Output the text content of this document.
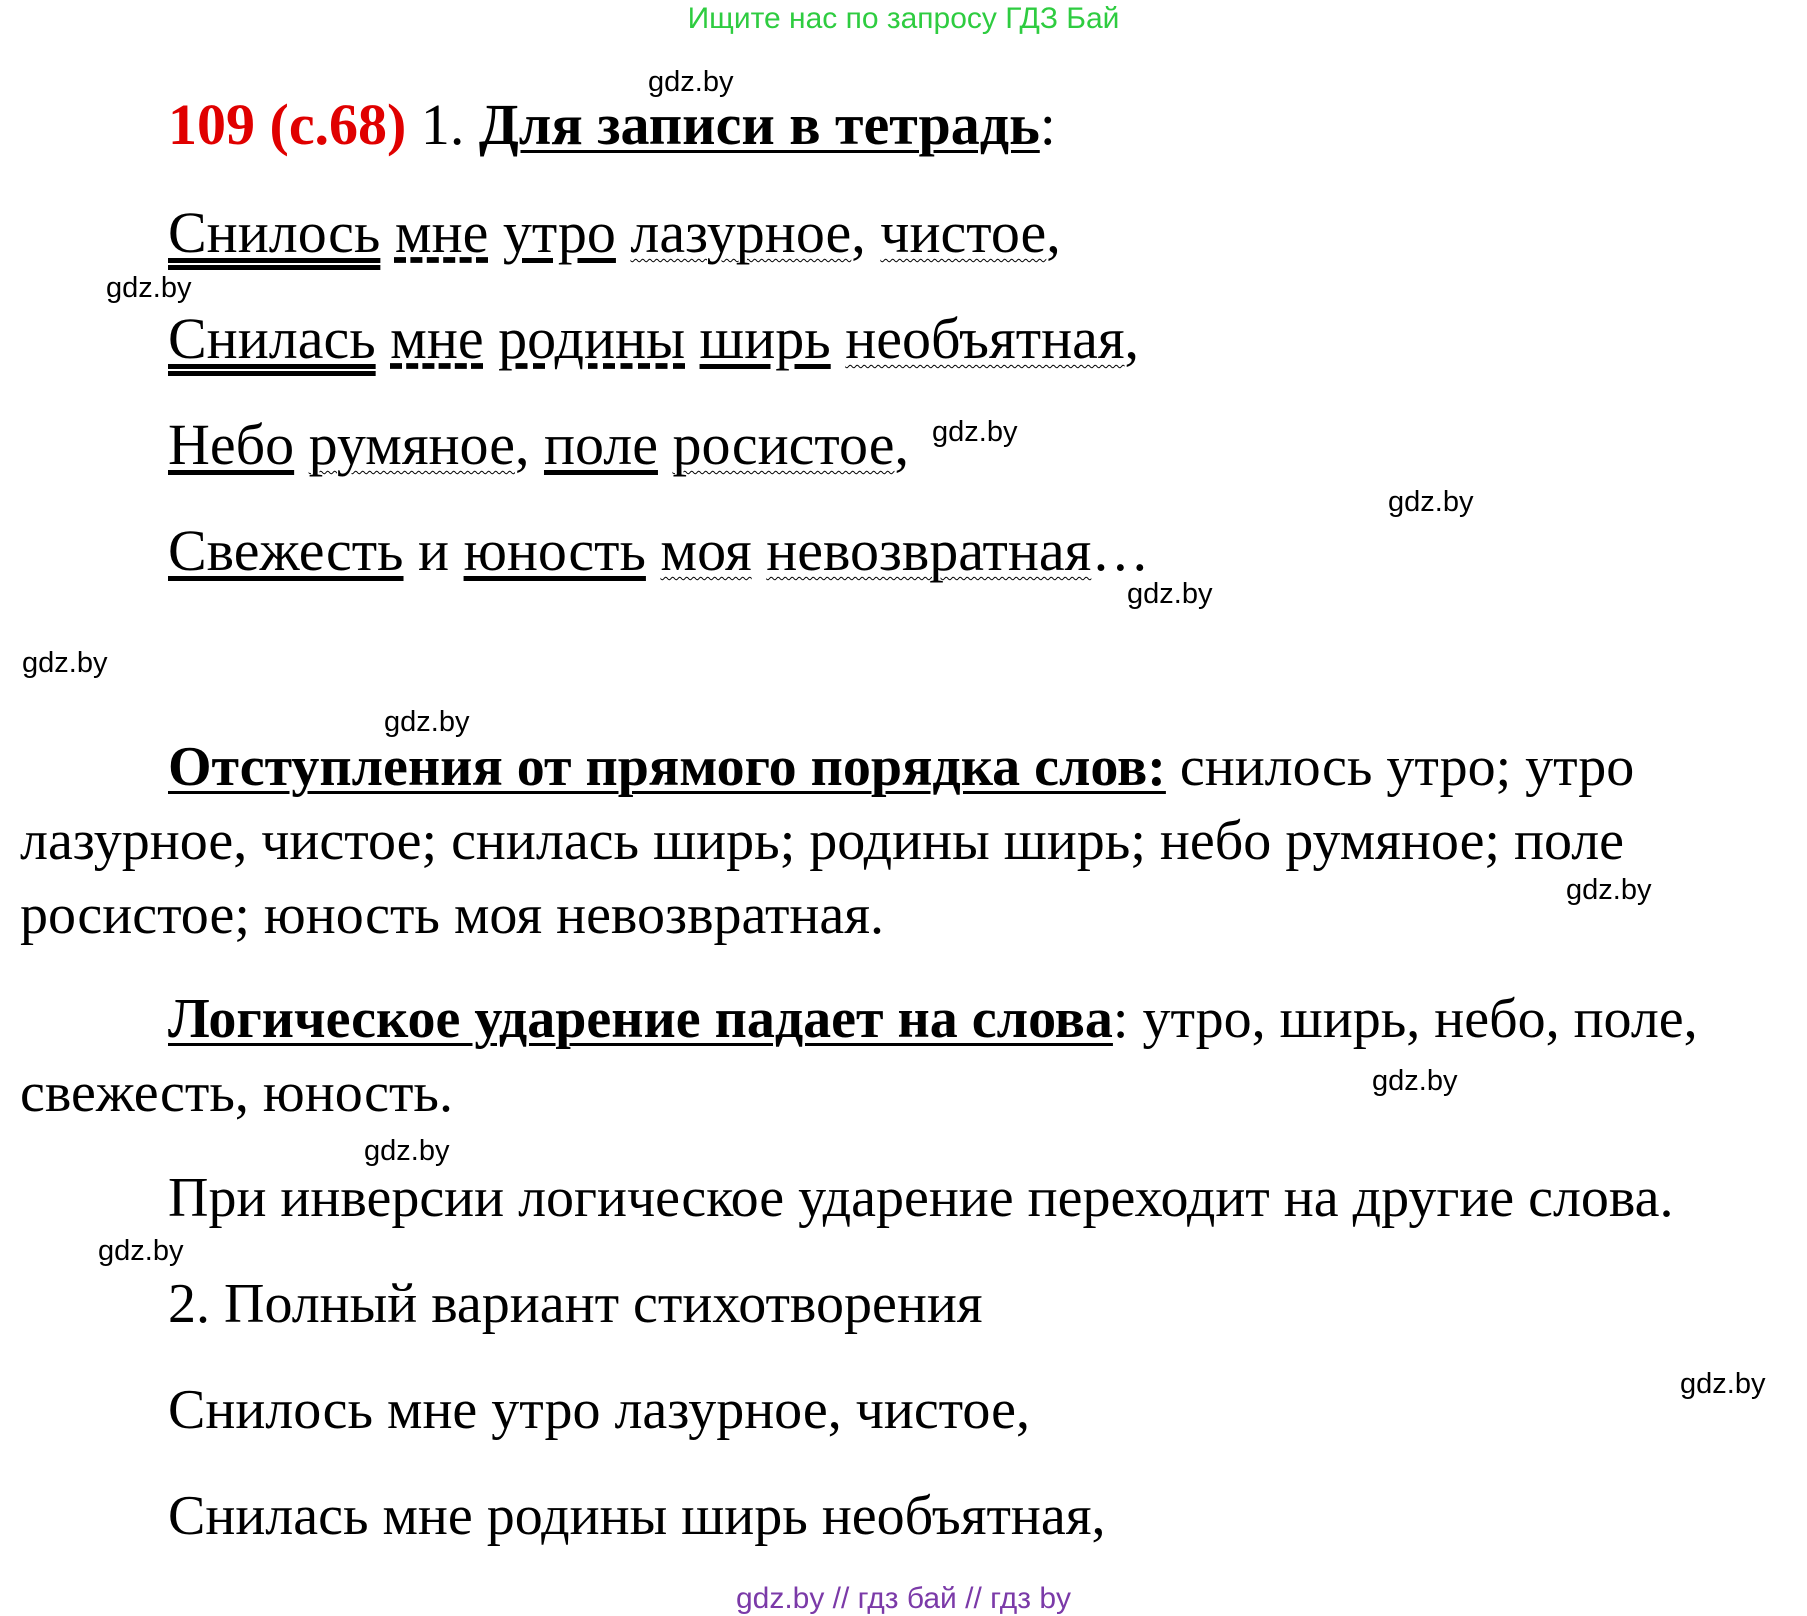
Ищите нас по запросу ГДЗ Бай
gdz.by
gdz.by
gdz.by
gdz.by
gdz.by
gdz.by
gdz.by
gdz.by
gdz.by
gdz.by
gdz.by
gdz.by
109 (с.68) 1. Для записи в тетрадь:
Снилось мне утро лазурное, чистое,
Снилась мне родины ширь необъятная,
Небо румяное, поле росистое,
Свежесть и юность моя невозвратная…
Отступления от прямого порядка слов: снилось утро; утро лазурное, чистое; снилась ширь; родины ширь; небо румяное; поле росистое; юность моя невозвратная.
Логическое ударение падает на слова: утро, ширь, небо, поле, свежесть, юность.
При инверсии логическое ударение переходит на другие слова.
2. Полный вариант стихотворения
Снилось мне утро лазурное, чистое,
Снилась мне родины ширь необъятная,
gdz.by // гдз бай // гдз by
